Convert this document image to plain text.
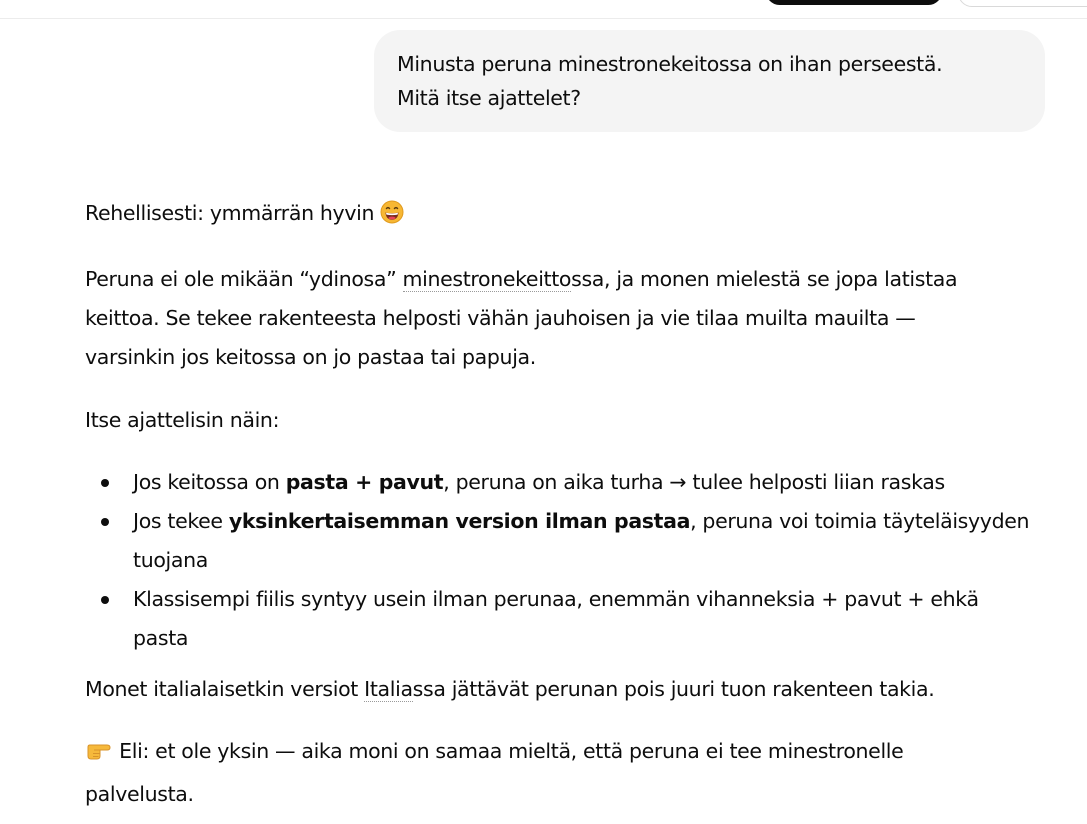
Minusta peruna minestronekeitossa on ihan perseestä.
Mitä itse ajattelet?

Rehellisesti: ymmärrän hyvin

Peruna ei ole mikään “ydinosa” minestronekeittossa, ja monen mielestä se jopa latistaa
keittoa. Se tekee rakenteesta helposti vähän jauhoisen ja vie tilaa muilta mauilta —
varsinkin jos keitossa on jo pastaa tai papuja.

Itse ajattelisin näin:

Jos keitossa on pasta + pavut, peruna on aika turha → tulee helposti liian raskas
Jos tekee yksinkertaisemman version ilman pastaa, peruna voi toimia täyteläisyyden
tuojana
Klassisempi fiilis syntyy usein ilman perunaa, enemmän vihanneksia + pavut + ehkä
pasta

Monet italialaisetkin versiot Italiassa jättävät perunan pois juuri tuon rakenteen takia.

Eli: et ole yksin — aika moni on samaa mieltä, että peruna ei tee minestronelle
palvelusta.
